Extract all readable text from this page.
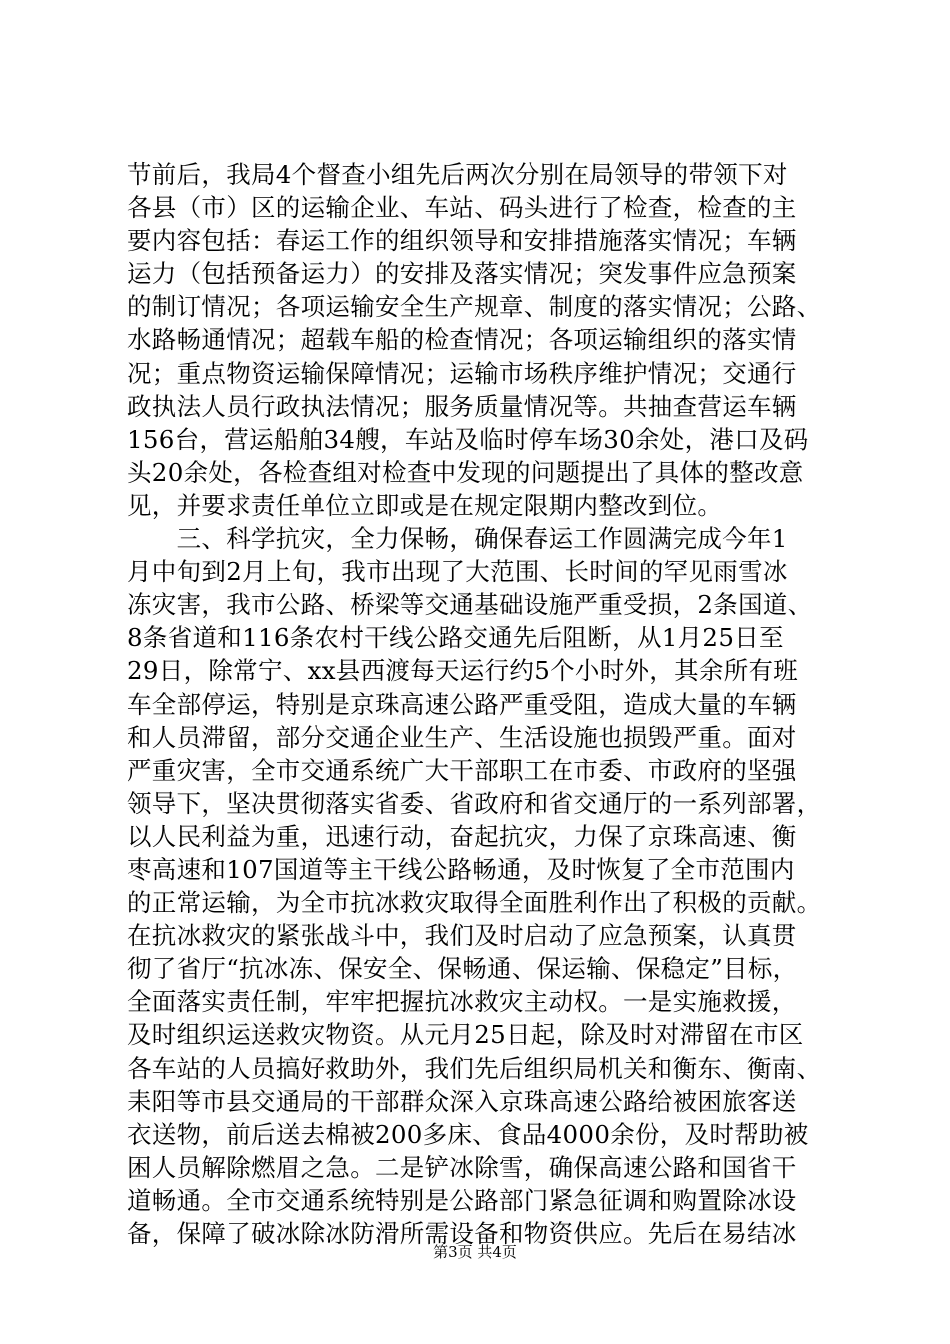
节前后，我局4个督查小组先后两次分别在局领导的带领下对
各县（市）区的运输企业、车站、码头进行了检查，检查的主
要内容包括：春运工作的组织领导和安排措施落实情况；车辆
运力（包括预备运力）的安排及落实情况；突发事件应急预案
的制订情况；各项运输安全生产规章、制度的落实情况；公路、
水路畅通情况；超载车船的检查情况；各项运输组织的落实情
况；重点物资运输保障情况；运输市场秩序维护情况；交通行
政执法人员行政执法情况；服务质量情况等。共抽查营运车辆
156台，营运船舶34艘，车站及临时停车场30余处，港口及码
头20余处，各检查组对检查中发现的问题提出了具体的整改意
见，并要求责任单位立即或是在规定限期内整改到位。
　　三、科学抗灾，全力保畅，确保春运工作圆满完成今年1
月中旬到2月上旬，我市出现了大范围、长时间的罕见雨雪冰
冻灾害，我市公路、桥梁等交通基础设施严重受损，2条国道、
8条省道和116条农村干线公路交通先后阻断，从1月25日至
29日，除常宁、xx县西渡每天运行约5个小时外，其余所有班
车全部停运，特别是京珠高速公路严重受阻，造成大量的车辆
和人员滞留，部分交通企业生产、生活设施也损毁严重。面对
严重灾害，全市交通系统广大干部职工在市委、市政府的坚强
领导下，坚决贯彻落实省委、省政府和省交通厅的一系列部署，
以人民利益为重，迅速行动，奋起抗灾，力保了京珠高速、衡
枣高速和107国道等主干线公路畅通，及时恢复了全市范围内
的正常运输，为全市抗冰救灾取得全面胜利作出了积极的贡献。
在抗冰救灾的紧张战斗中，我们及时启动了应急预案，认真贯
彻了省厅“抗冰冻、保安全、保畅通、保运输、保稳定”目标，
全面落实责任制，牢牢把握抗冰救灾主动权。一是实施救援，
及时组织运送救灾物资。从元月25日起，除及时对滞留在市区
各车站的人员搞好救助外，我们先后组织局机关和衡东、衡南、
耒阳等市县交通局的干部群众深入京珠高速公路给被困旅客送
衣送物，前后送去棉被200多床、食品4000余份，及时帮助被
困人员解除燃眉之急。二是铲冰除雪，确保高速公路和国省干
道畅通。全市交通系统特别是公路部门紧急征调和购置除冰设
备，保障了破冰除冰防滑所需设备和物资供应。先后在易结冰
第3页 共4页
